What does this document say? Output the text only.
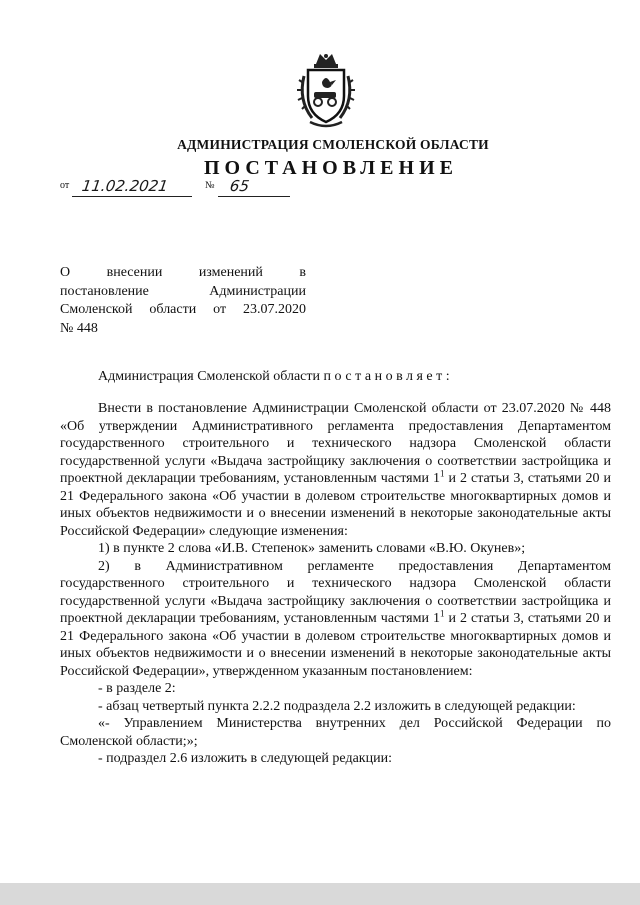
АДМИНИСТРАЦИЯ СМОЛЕНСКОЙ ОБЛАСТИ
ПОСТАНОВЛЕНИЕ
от 11.02.2021	№ 65
О внесении изменений в
постановление Администрации
Смоленской области от 23.07.2020
№ 448
Администрация Смоленской области постановляет:

Внести в постановление Администрации Смоленской области от 23.07.2020 № 448 «Об утверждении Административного регламента предоставления Департаментом государственного строительного и технического надзора Смоленской области государственной услуги «Выдача застройщику заключения о соответствии застройщика и проектной декларации требованиям, установленным частями $1^1$ и 2 статьи 3, статьями 20 и 21 Федерального закона «Об участии в долевом строительстве многоквартирных домов и иных объектов недвижимости и о внесении изменений в некоторые законодательные акты Российской Федерации» следующие изменения:

1) в пункте 2 слова «И.В. Степенок» заменить словами «В.Ю. Окунев»;

2) в Административном регламенте предоставления Департаментом государственного строительного и технического надзора Смоленской области государственной услуги «Выдача застройщику заключения о соответствии застройщика и проектной декларации требованиям, установленным частями $1^1$ и 2 статьи 3, статьями 20 и 21 Федерального закона «Об участии в долевом строительстве многоквартирных домов и иных объектов недвижимости и о внесении изменений в некоторые законодательные акты Российской Федерации», утвержденном указанным постановлением:

- в разделе 2:

- абзац четвертый пункта 2.2.2 подраздела 2.2 изложить в следующей редакции:

«- Управлением Министерства внутренних дел Российской Федерации по Смоленской области;»;

- подраздел 2.6 изложить в следующей редакции:
